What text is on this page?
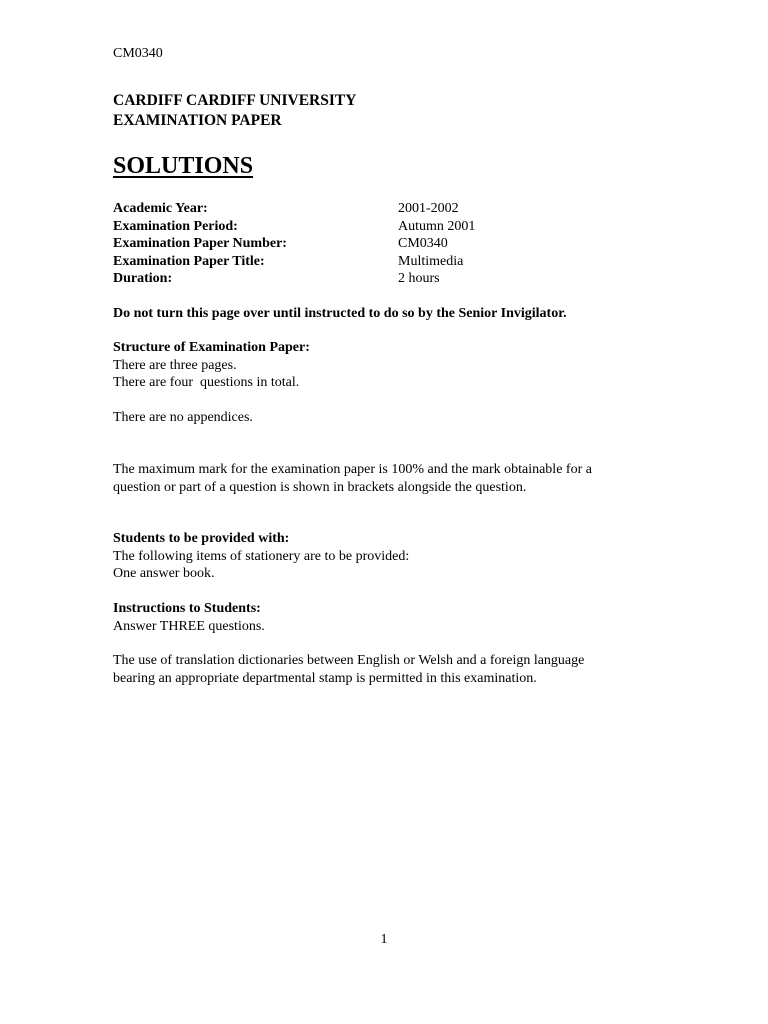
CM0340
CARDIFF CARDIFF UNIVERSITY
EXAMINATION PAPER
SOLUTIONS
Academic Year:	2001-2002
Examination Period:	Autumn 2001
Examination Paper Number:	CM0340
Examination Paper Title:	Multimedia
Duration:	2 hours
Do not turn this page over until instructed to do so by the Senior Invigilator.
Structure of Examination Paper:
There are three pages.
There are four  questions in total.
There are no appendices.
The maximum mark for the examination paper is 100% and the mark obtainable for a
question or part of a question is shown in brackets alongside the question.
Students to be provided with:
The following items of stationery are to be provided:
One answer book.
Instructions to Students:
Answer THREE questions.
The use of translation dictionaries between English or Welsh and a foreign language
bearing an appropriate departmental stamp is permitted in this examination.
1
